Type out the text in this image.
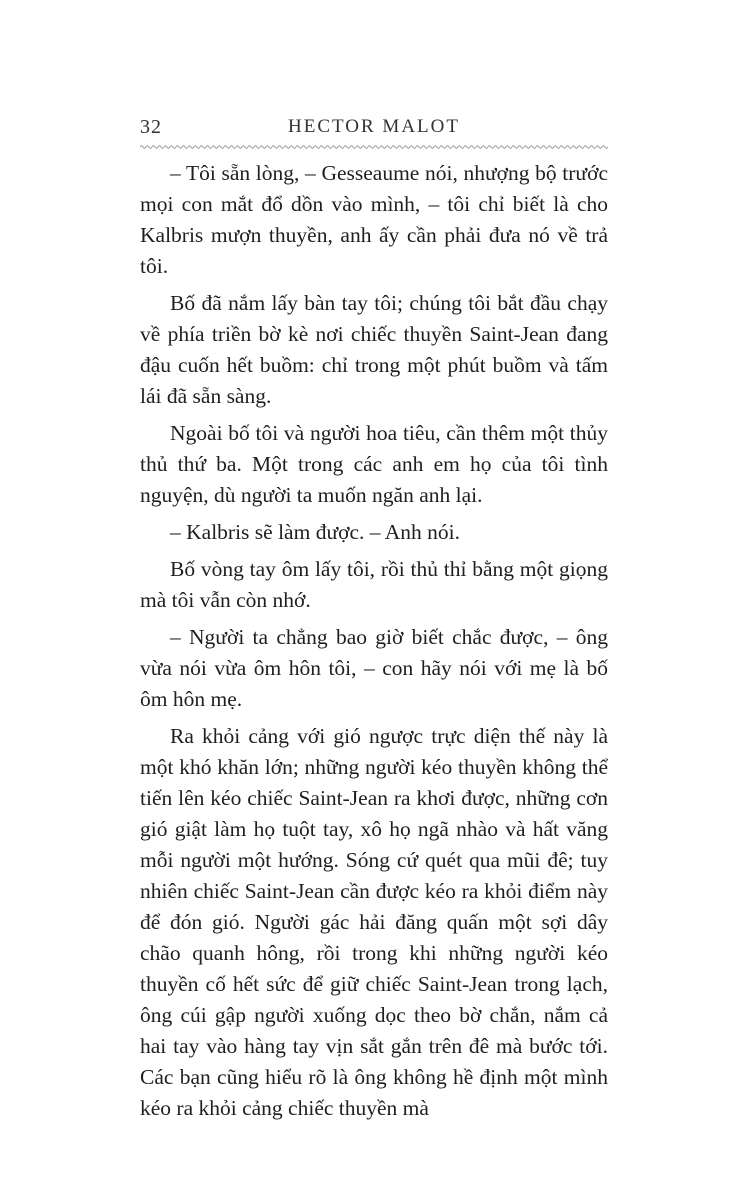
32	HECTOR MALOT

– Tôi sẵn lòng, – Gesseaume nói, nhượng bộ trước mọi con mắt đổ dồn vào mình, – tôi chỉ biết là cho Kalbris mượn thuyền, anh ấy cần phải đưa nó về trả tôi.

Bố đã nắm lấy bàn tay tôi; chúng tôi bắt đầu chạy về phía triền bờ kè nơi chiếc thuyền Saint-Jean đang đậu cuốn hết buồm: chỉ trong một phút buồm và tấm lái đã sẵn sàng.

Ngoài bố tôi và người hoa tiêu, cần thêm một thủy thủ thứ ba. Một trong các anh em họ của tôi tình nguyện, dù người ta muốn ngăn anh lại.

– Kalbris sẽ làm được. – Anh nói.

Bố vòng tay ôm lấy tôi, rồi thủ thỉ bằng một giọng mà tôi vẫn còn nhớ.

– Người ta chẳng bao giờ biết chắc được, – ông vừa nói vừa ôm hôn tôi, – con hãy nói với mẹ là bố ôm hôn mẹ.

Ra khỏi cảng với gió ngược trực diện thế này là một khó khăn lớn; những người kéo thuyền không thể tiến lên kéo chiếc Saint-Jean ra khơi được, những cơn gió giật làm họ tuột tay, xô họ ngã nhào và hất văng mỗi người một hướng. Sóng cứ quét qua mũi đê; tuy nhiên chiếc Saint-Jean cần được kéo ra khỏi điểm này để đón gió. Người gác hải đăng quấn một sợi dây chão quanh hông, rồi trong khi những người kéo thuyền cố hết sức để giữ chiếc Saint-Jean trong lạch, ông cúi gập người xuống dọc theo bờ chắn, nắm cả hai tay vào hàng tay vịn sắt gắn trên đê mà bước tới. Các bạn cũng hiểu rõ là ông không hề định một mình kéo ra khỏi cảng chiếc thuyền mà
